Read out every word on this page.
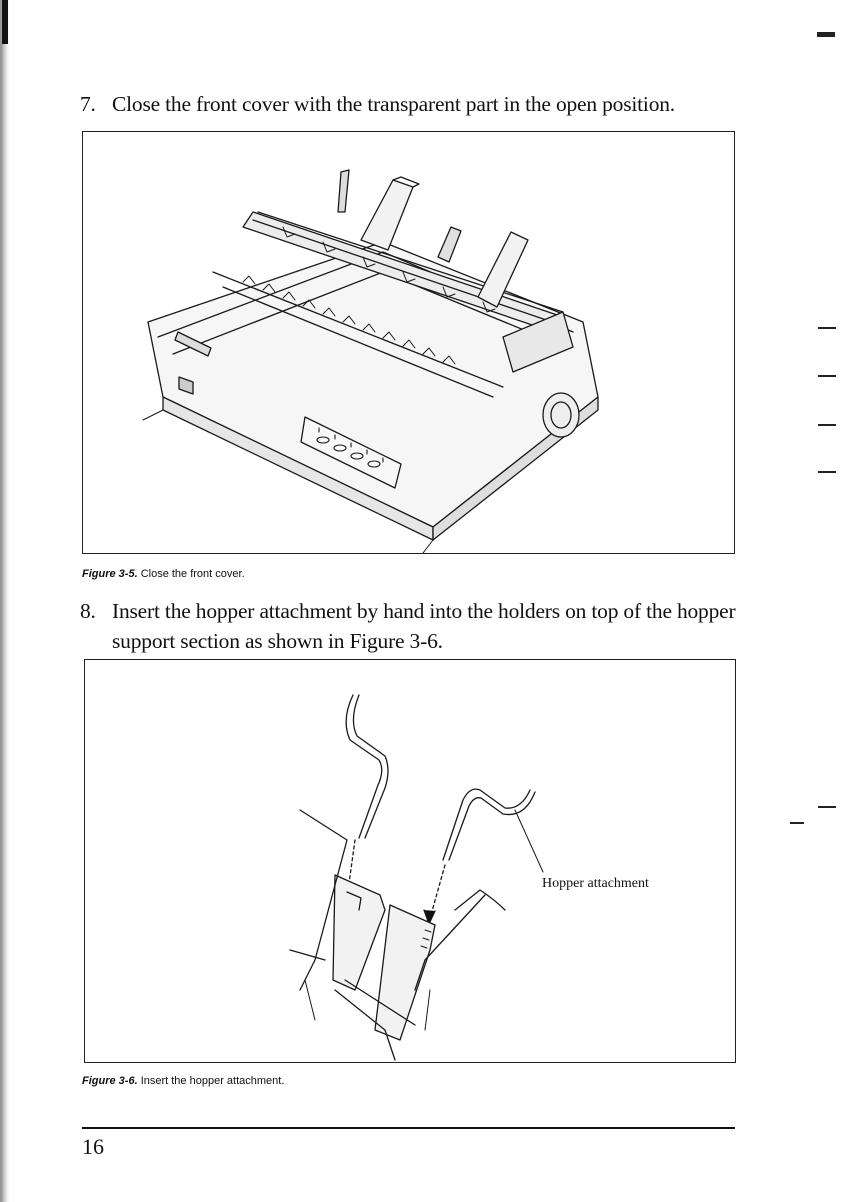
7. Close the front cover with the transparent part in the open position.
Figure 3-5. Close the front cover.
8. Insert the hopper attachment by hand into the holders on top of the hopper support section as shown in Figure 3-6.
Hopper attachment
Figure 3-6. Insert the hopper attachment.
16
